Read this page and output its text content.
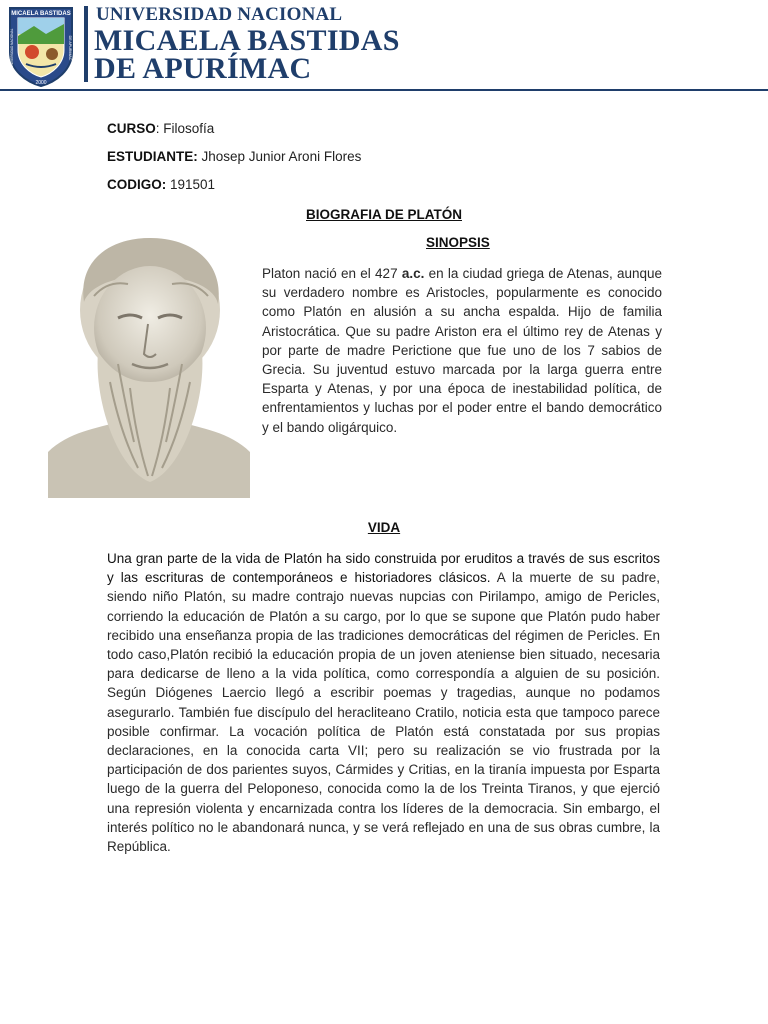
MICAELA BASTIDAS
2000
UNIVERSIDAD NACIONAL	DE APURIMAC
UNIVERSIDAD NACIONAL
MICAELA BASTIDAS
DE APURÍMAC
CURSO: Filosofía
ESTUDIANTE: Jhosep Junior Aroni Flores
CODIGO: 191501
BIOGRAFIA DE PLATÓN
SINOPSIS
Platon nació en el 427 a.c. en la ciudad griega de Atenas, aunque su verdadero nombre es Aristocles, popularmente es conocido como Platón en alusión a su ancha espalda. Hijo de familia Aristocrática. Que su padre Ariston era el último rey de Atenas y por parte de madre Perictione que fue uno de los 7 sabios de Grecia. Su juventud estuvo marcada por la larga guerra entre Esparta y Atenas, y por una época de inestabilidad política, de enfrentamientos y luchas por el poder entre el bando democrático y el bando oligárquico.
VIDA
Una gran parte de la vida de Platón ha sido construida por eruditos a través de sus escritos y las escrituras de contemporáneos e historiadores clásicos. A la muerte de su padre, siendo niño Platón, su madre contrajo nuevas nupcias con Pirilampo, amigo de Pericles, corriendo la educación de Platón a su cargo, por lo que se supone que Platón pudo haber recibido una enseñanza propia de las tradiciones democráticas del régimen de Pericles. En todo caso,Platón recibió la educación propia de un joven ateniense bien situado, necesaria para dedicarse de lleno a la vida política, como correspondía a alguien de su posición. Según Diógenes Laercio llegó a escribir poemas y tragedias, aunque no podamos asegurarlo. También fue discípulo del heracliteano Cratilo, noticia esta que tampoco parece posible confirmar. La vocación política de Platón está constatada por sus propias declaraciones, en la conocida carta VII; pero su realización se vio frustrada por la participación de dos parientes suyos, Cármides y Critias, en la tiranía impuesta por Esparta luego de la guerra del Peloponeso, conocida como la de los Treinta Tiranos, y que ejerció una represión violenta y encarnizada contra los líderes de la democracia. Sin embargo, el interés político no le abandonará nunca, y se verá reflejado en una de sus obras cumbre, la República.
